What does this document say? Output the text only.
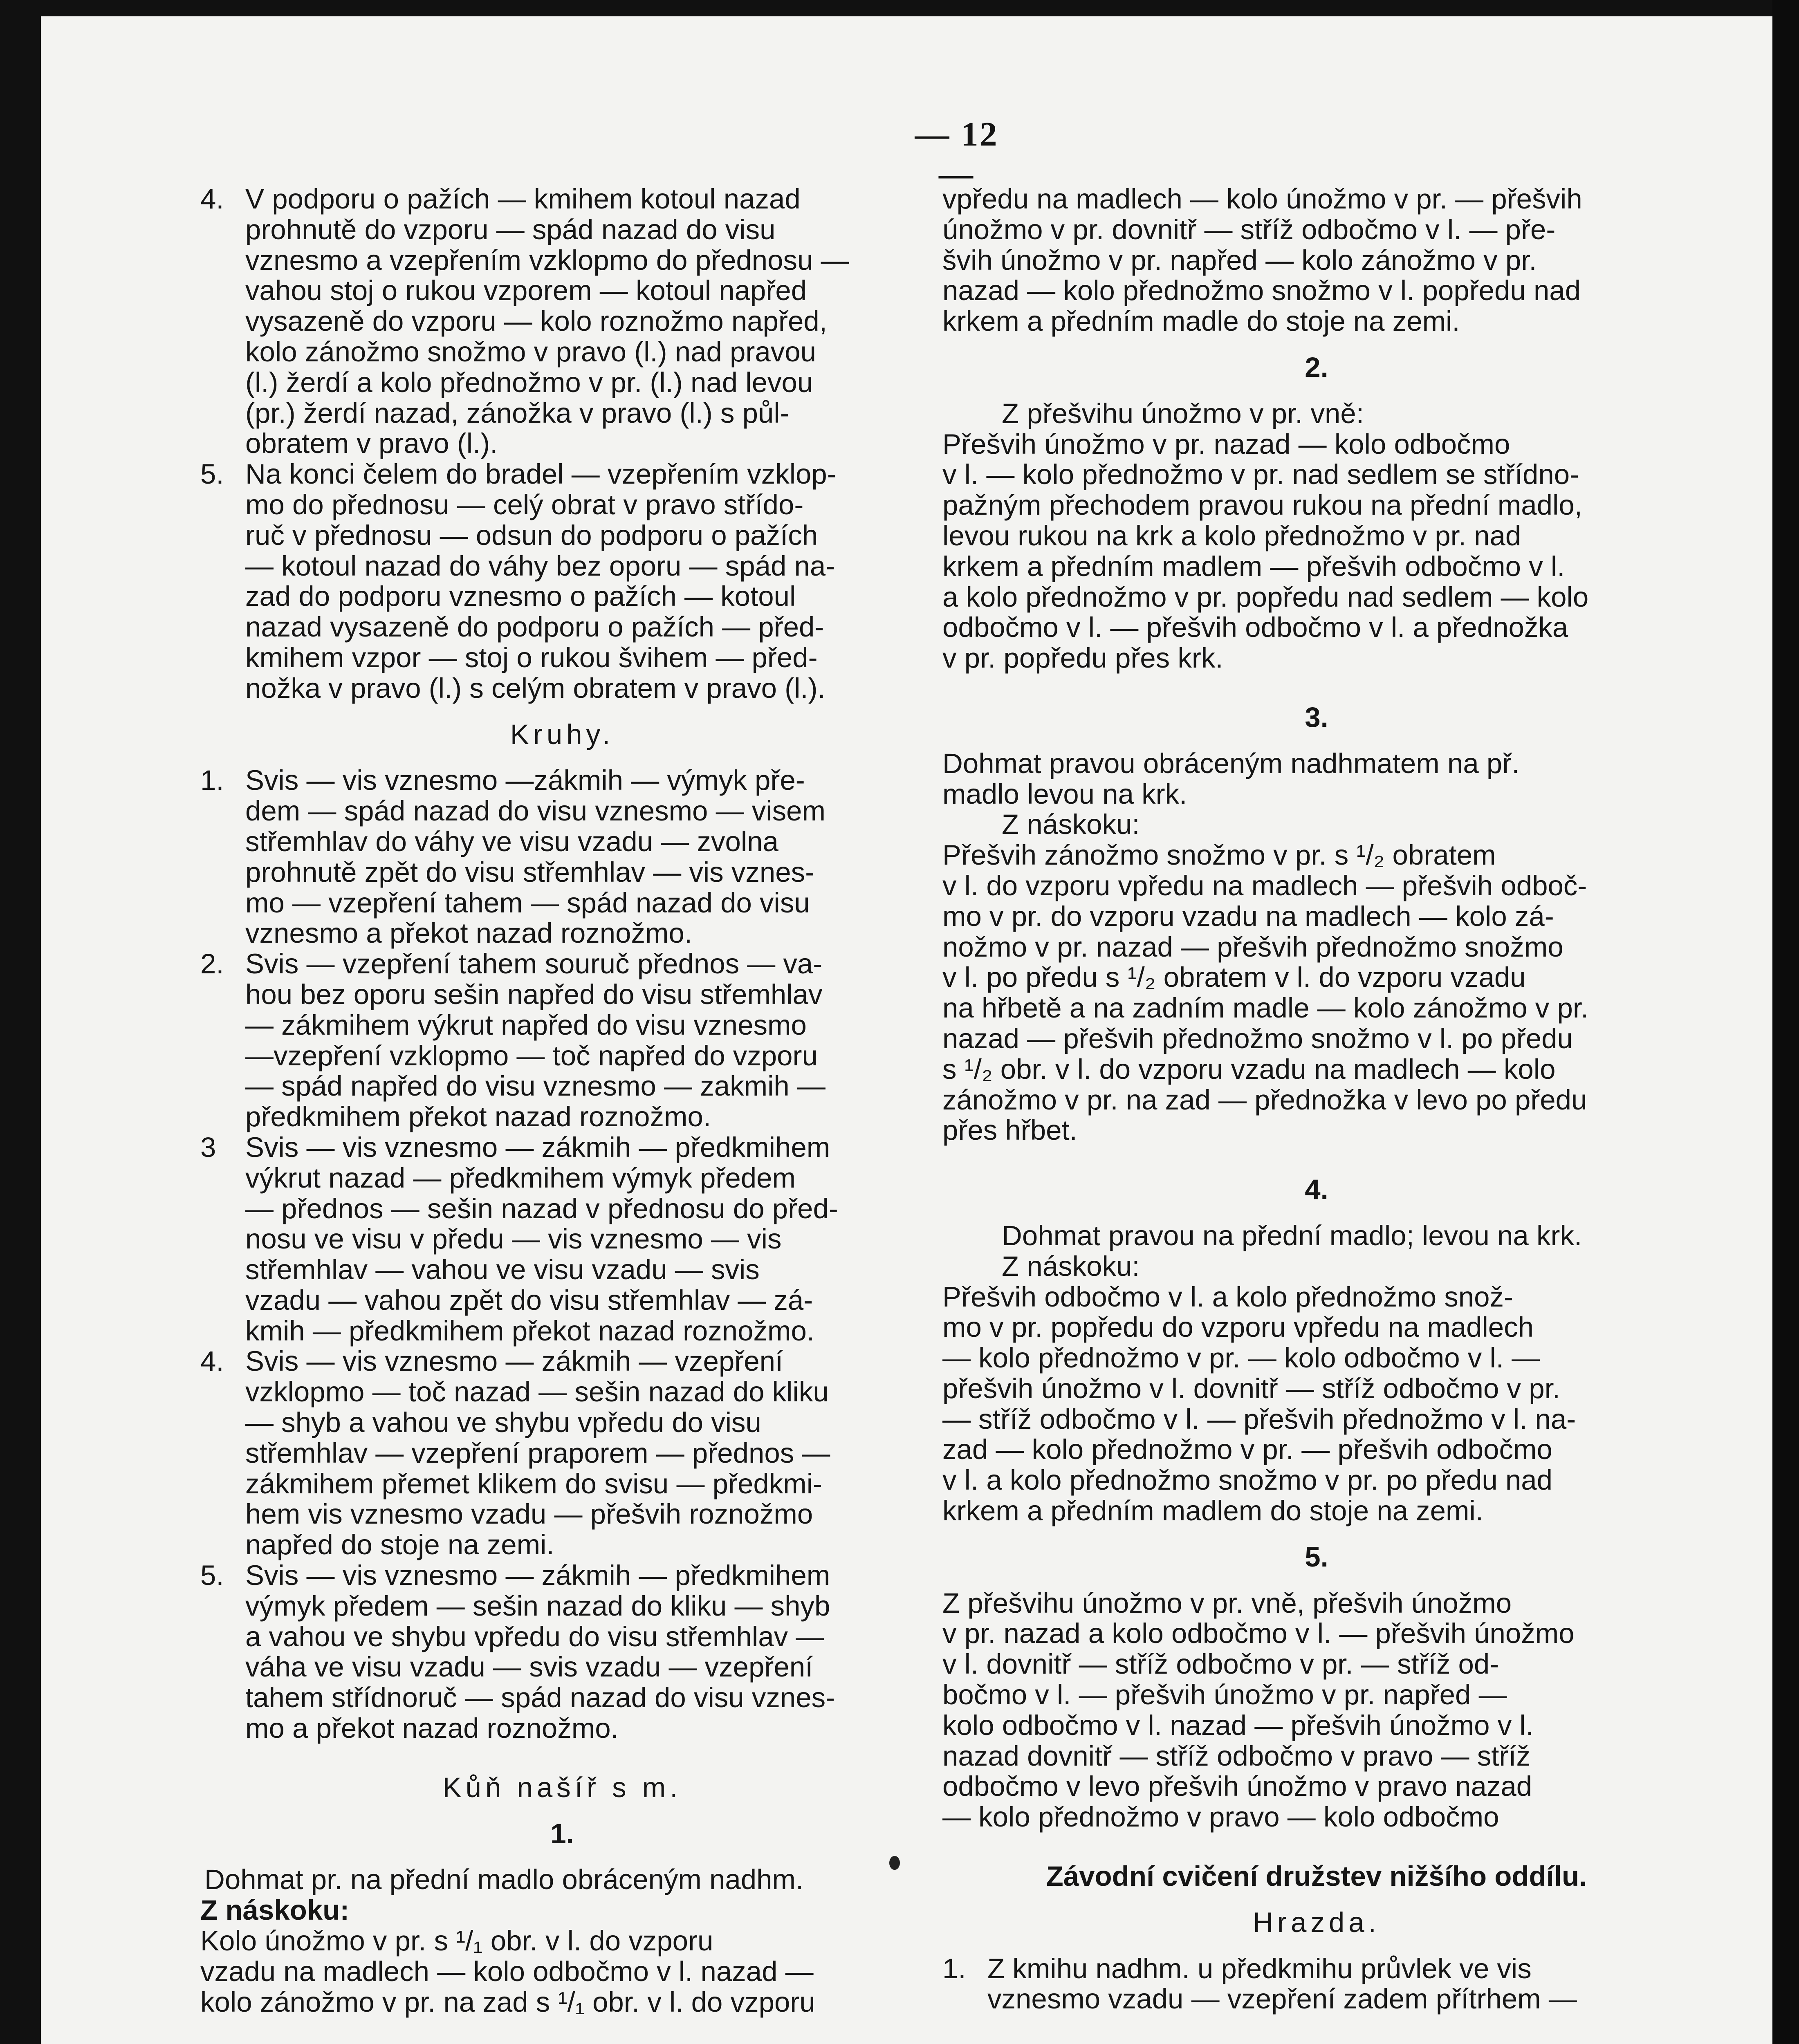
— 12 —
4. V podporu o pažích — kmihem kotoul nazad
prohnutě do vzporu — spád nazad do visu
vznesmo a vzepřením vzklopmo do přednosu —
vahou stoj o rukou vzporem — kotoul napřed
vysazeně do vzporu — kolo roznožmo napřed,
kolo zánožmo snožmo v pravo (l.) nad pravou
(l.) žerdí a kolo přednožmo v pr. (l.) nad levou
(pr.) žerdí nazad, zánožka v pravo (l.) s půl-
obratem v pravo (l.).
5. Na konci čelem do bradel — vzepřením vzklop-
mo do přednosu — celý obrat v pravo střído-
ruč v přednosu — odsun do podporu o pažích
— kotoul nazad do váhy bez oporu — spád na-
zad do podporu vznesmo o pažích — kotoul
nazad vysazeně do podporu o pažích — před-
kmihem vzpor — stoj o rukou švihem — před-
nožka v pravo (l.) s celým obratem v pravo (l.).
Kruhy.
1. Svis — vis vznesmo —zákmih — výmyk pře-
dem — spád nazad do visu vznesmo — visem
střemhlav do váhy ve visu vzadu — zvolna
prohnutě zpět do visu střemhlav — vis vznes-
mo — vzepření tahem — spád nazad do visu
vznesmo a překot nazad roznožmo.
2. Svis — vzepření tahem souruč přednos — va-
hou bez oporu sešin napřed do visu střemhlav
— zákmihem výkrut napřed do visu vznesmo
—vzepření vzklopmo — toč napřed do vzporu
— spád napřed do visu vznesmo — zakmih —
předkmihem překot nazad roznožmo.
3	Svis — vis vznesmo — zákmih — předkmihem
výkrut nazad — předkmihem výmyk předem
— přednos — sešin nazad v přednosu do před-
nosu ve visu v předu — vis vznesmo — vis
střemhlav — vahou ve visu vzadu — svis
vzadu — vahou zpět do visu střemhlav — zá-
kmih — předkmihem překot nazad roznožmo.
4. Svis — vis vznesmo — zákmih — vzepření
vzklopmo — toč nazad — sešin nazad do kliku
— shyb a vahou ve shybu vpředu do visu
střemhlav — vzepření praporem — přednos —
zákmihem přemet klikem do svisu — předkmi-
hem vis vznesmo vzadu — přešvih roznožmo
napřed do stoje na zemi.
5. Svis — vis vznesmo — zákmih — předkmihem
výmyk předem — sešin nazad do kliku — shyb
a vahou ve shybu vpředu do visu střemhlav —
váha ve visu vzadu — svis vzadu — vzepření
tahem střídnoruč — spád nazad do visu vznes-
mo a překot nazad roznožmo.
Kůň našíř s m.
1.
Dohmat pr. na přední madlo obráceným nadhm.
Z náskoku:
Kolo únožmo v pr. s ¹/₁ obr. v l. do vzporu
vzadu na madlech — kolo odbočmo v l. nazad —
kolo zánožmo v pr. na zad s ¹/₁ obr. v l. do vzporu
vpředu na madlech — kolo únožmo v pr. — přešvih
únožmo v pr. dovnitř — stříž odbočmo v l. — pře-
švih únožmo v pr. napřed — kolo zánožmo v pr.
nazad — kolo přednožmo snožmo v l. popředu nad
krkem a předním madle do stoje na zemi.
2.
Z přešvihu únožmo v pr. vně:
Přešvih únožmo v pr. nazad — kolo odbočmo
v l. — kolo přednožmo v pr. nad sedlem se střídno-
pažným přechodem pravou rukou na přední madlo,
levou rukou na krk a kolo přednožmo v pr. nad
krkem a předním madlem — přešvih odbočmo v l.
a kolo přednožmo v pr. popředu nad sedlem — kolo
odbočmo v l. — přešvih odbočmo v l. a přednožka
v pr. popředu přes krk.
3.
Dohmat pravou obráceným nadhmatem na př.
madlo levou na krk.
Z náskoku:
Přešvih zánožmo snožmo v pr. s ¹/₂ obratem
v l. do vzporu vpředu na madlech — přešvih odboč-
mo v pr. do vzporu vzadu na madlech — kolo zá-
nožmo v pr. nazad — přešvih přednožmo snožmo
v l. po předu s ¹/₂ obratem v l. do vzporu vzadu
na hřbetě a na zadním madle — kolo zánožmo v pr.
nazad — přešvih přednožmo snožmo v l. po předu
s ¹/₂ obr. v l. do vzporu vzadu na madlech — kolo
zánožmo v pr. na zad — přednožka v levo po předu
přes hřbet.
4.
Dohmat pravou na přední madlo; levou na krk.
Z náskoku:
Přešvih odbočmo v l. a kolo přednožmo snož-
mo v pr. popředu do vzporu vpředu na madlech
— kolo přednožmo v pr. — kolo odbočmo v l. —
přešvih únožmo v l. dovnitř — stříž odbočmo v pr.
— stříž odbočmo v l. — přešvih přednožmo v l. na-
zad — kolo přednožmo v pr. — přešvih odbočmo
v l. a kolo přednožmo snožmo v pr. po předu nad
krkem a předním madlem do stoje na zemi.
5.
Z přešvihu únožmo v pr. vně, přešvih únožmo
v pr. nazad a kolo odbočmo v l. — přešvih únožmo
v l. dovnitř — stříž odbočmo v pr. — stříž od-
bočmo v l. — přešvih únožmo v pr. napřed —
kolo odbočmo v l. nazad — přešvih únožmo v l.
nazad dovnitř — stříž odbočmo v pravo — stříž
odbočmo v levo přešvih únožmo v pravo nazad
— kolo přednožmo v pravo — kolo odbočmo
Závodní cvičení družstev nižšího oddílu.
Hrazda.
1. Z kmihu nadhm. u předkmihu průvlek ve vis
vznesmo vzadu — vzepření zadem přítrhem —
